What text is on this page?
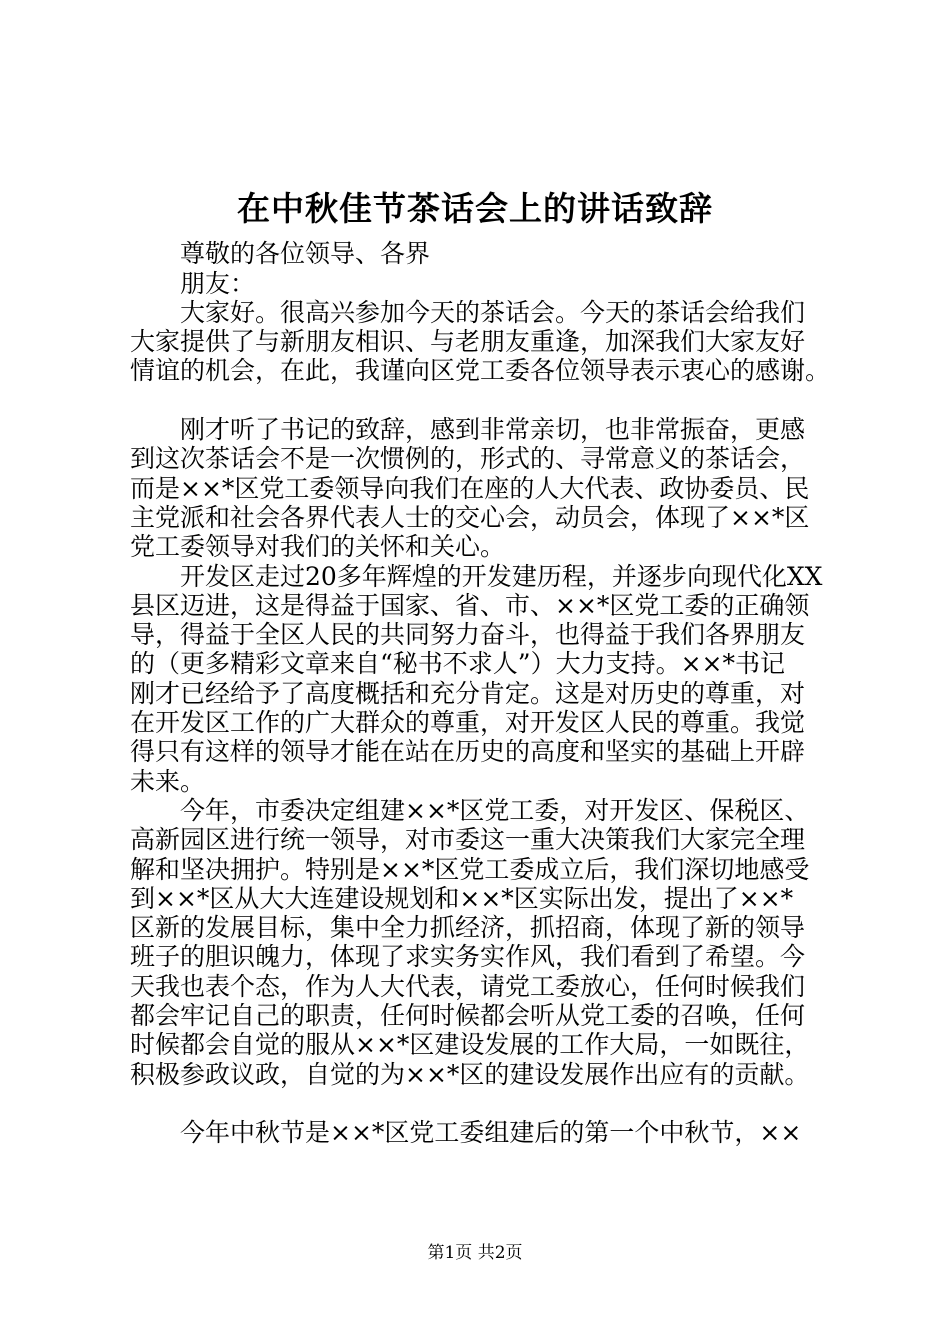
在中秋佳节茶话会上的讲话致辞
尊敬的各位领导、各界
朋友：
大家好。很高兴参加今天的茶话会。今天的茶话会给我们
大家提供了与新朋友相识、与老朋友重逢，加深我们大家友好
情谊的机会，在此，我谨向区党工委各位领导表示衷心的感谢。
刚才听了书记的致辞，感到非常亲切，也非常振奋，更感
到这次茶话会不是一次惯例的，形式的、寻常意义的茶话会，
而是××*区党工委领导向我们在座的人大代表、政协委员、民
主党派和社会各界代表人士的交心会，动员会，体现了××*区
党工委领导对我们的关怀和关心。
开发区走过20多年辉煌的开发建历程，并逐步向现代化XX
县区迈进，这是得益于国家、省、市、××*区党工委的正确领
导，得益于全区人民的共同努力奋斗，也得益于我们各界朋友
的（更多精彩文章来自“秘书不求人”）大力支持。××*书记
刚才已经给予了高度概括和充分肯定。这是对历史的尊重，对
在开发区工作的广大群众的尊重，对开发区人民的尊重。我觉
得只有这样的领导才能在站在历史的高度和坚实的基础上开辟
未来。
今年，市委决定组建××*区党工委，对开发区、保税区、
高新园区进行统一领导，对市委这一重大决策我们大家完全理
解和坚决拥护。特别是××*区党工委成立后，我们深切地感受
到××*区从大大连建设规划和××*区实际出发，提出了××*
区新的发展目标，集中全力抓经济，抓招商，体现了新的领导
班子的胆识魄力，体现了求实务实作风，我们看到了希望。今
天我也表个态，作为人大代表，请党工委放心，任何时候我们
都会牢记自己的职责，任何时候都会听从党工委的召唤，任何
时候都会自觉的服从××*区建设发展的工作大局，一如既往，
积极参政议政，自觉的为××*区的建设发展作出应有的贡献。
今年中秋节是××*区党工委组建后的第一个中秋节，××
第1页 共2页
